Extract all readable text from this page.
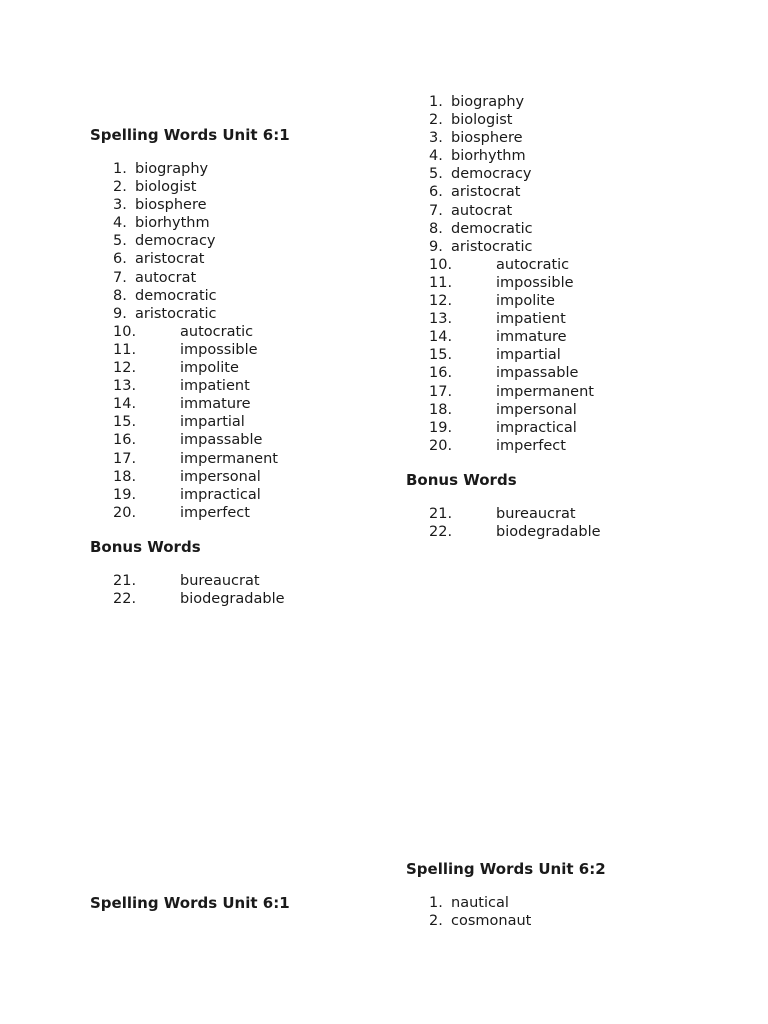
Spelling Words Unit 6:1
1. biography
2. biologist
3. biosphere
4. biorhythm
5. democracy
6. aristocrat
7. autocrat
8. democratic
9. aristocratic
10.	autocratic
11.	impossible
12.	impolite
13.	impatient
14.	immature
15.	impartial
16.	impassable
17.	impermanent
18.	impersonal
19.	impractical
20.	imperfect
Bonus Words
21.	bureaucrat
22.	biodegradable
Spelling Words Unit 6:1
1. biography
2. biologist
3. biosphere
4. biorhythm
5. democracy
6. aristocrat
7. autocrat
8. democratic
9. aristocratic
10.	autocratic
11.	impossible
12.	impolite
13.	impatient
14.	immature
15.	impartial
16.	impassable
17.	impermanent
18.	impersonal
19.	impractical
20.	imperfect
Bonus Words
21.	bureaucrat
22.	biodegradable
Spelling Words Unit 6:2
1. nautical
2. cosmonaut
